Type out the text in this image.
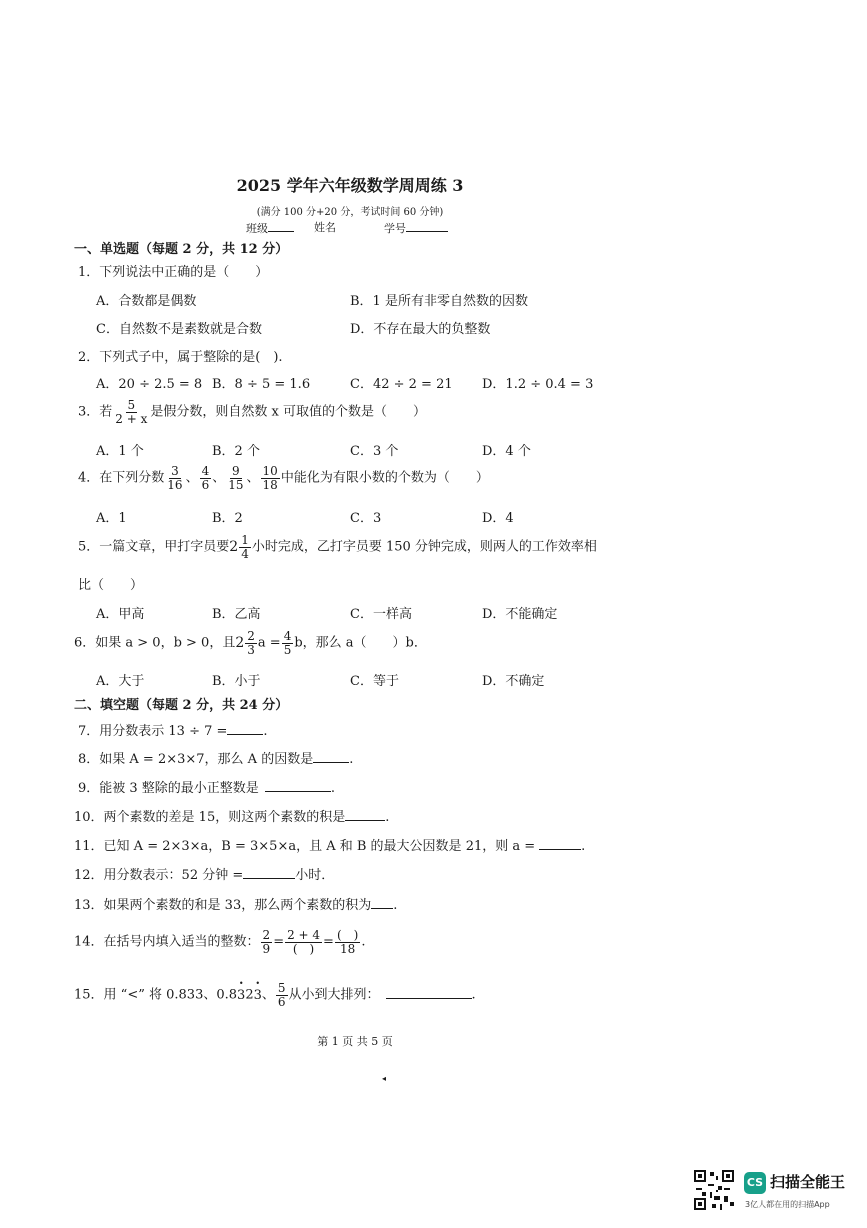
2025 学年六年级数学周周练 3
(满分 100 分+20 分，考试时间 60 分钟)
班级	姓名	学号
一、单选题（每题 2 分，共 12 分）
1．下列说法中正确的是（　　）
A．合数都是偶数	B．1 是所有非零自然数的因数
C．自然数不是素数就是合数	D．不存在最大的负整数
2．下列式子中，属于整除的是(　).
A．20 ÷ 2.5 = 8 B．8 ÷ 5 = 1.6	C．42 ÷ 2 = 21 D．1.2 ÷ 0.4 = 3
3．若 $\frac{5}{2 + x}$ 是假分数，则自然数 x 可取值的个数是（　　）
A．1 个	B．2 个	C．3 个	D．4 个
4．在下列分数 $\frac{3}{16}$ 、 $\frac{4}{6}$ 、 $\frac{9}{15}$ 、 $\frac{10}{18}$ 中能化为有限小数的个数为（　　）
A．1	B．2	C．3	D．4
5．一篇文章，甲打字员要$2 \frac{1}{4}$ 小时完成，乙打字员要 150 分钟完成，则两人的工作效率相
比（　　）
A．甲高	B．乙高	C．一样高	D．不能确定
6．如果 a > 0，b > 0，且$2 \frac{2}{3}$ $a = \frac{4}{5}$ b，那么 a（　　）b．
A．大于	B．小于	C．等于	D．不确定
二、填空题（每题 2 分，共 24 分）
7．用分数表示 13 ÷ 7 =	.
8．如果 A = 2×3×7，那么 A 的因数是	.
9．能被 3 整除的最小正整数是	.
10．两个素数的差是 15，则这两个素数的积是	.
11．已知 A = 2×3×a，B = 3×5×a，且 A 和 B 的最大公因数是 21，则 a =	.
12．用分数表示：52 分钟 =	小时．
13．如果两个素数的和是 33，那么两个素数的积为 .
14．在括号内填入适当的整数： $\frac{2}{9} = \frac{2 + 4}{( )} = \frac{( )}{18}$ .
15．用 “<” 将 0.833、0.8• 32• 3、 $\frac{5}{6}$ 从小到大排列：	.
第 1 页 共 5 页
◂
CS 扫描全能王
3亿人都在用的扫描App
